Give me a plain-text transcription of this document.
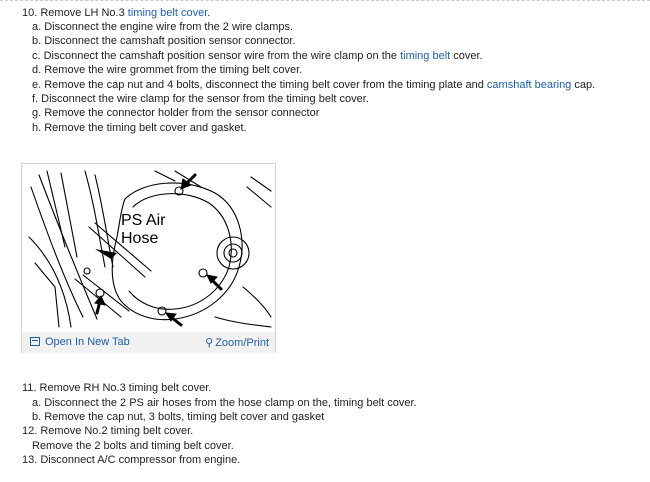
10. Remove LH No.3 timing belt cover.
a. Disconnect the engine wire from the 2 wire clamps.
b. Disconnect the camshaft position sensor connector.
c. Disconnect the camshaft position sensor wire from the wire clamp on the timing belt cover.
d. Remove the wire grommet from the timing belt cover.
e. Remove the cap nut and 4 bolts, disconnect the timing belt cover from the timing plate and camshaft bearing cap.
f. Disconnect the wire clamp for the sensor from the timing belt cover.
g. Remove the connector holder from the sensor connector
h. Remove the timing belt cover and gasket.
PS Air
Hose
Open In New Tab	⚲ Zoom/Print
11. Remove RH No.3 timing belt cover.
a. Disconnect the 2 PS air hoses from the hose clamp on the, timing belt cover.
b. Remove the cap nut, 3 bolts, timing belt cover and gasket
12. Remove No.2 timing belt cover.
Remove the 2 bolts and timing belt cover.
13. Disconnect A/C compressor from engine.
